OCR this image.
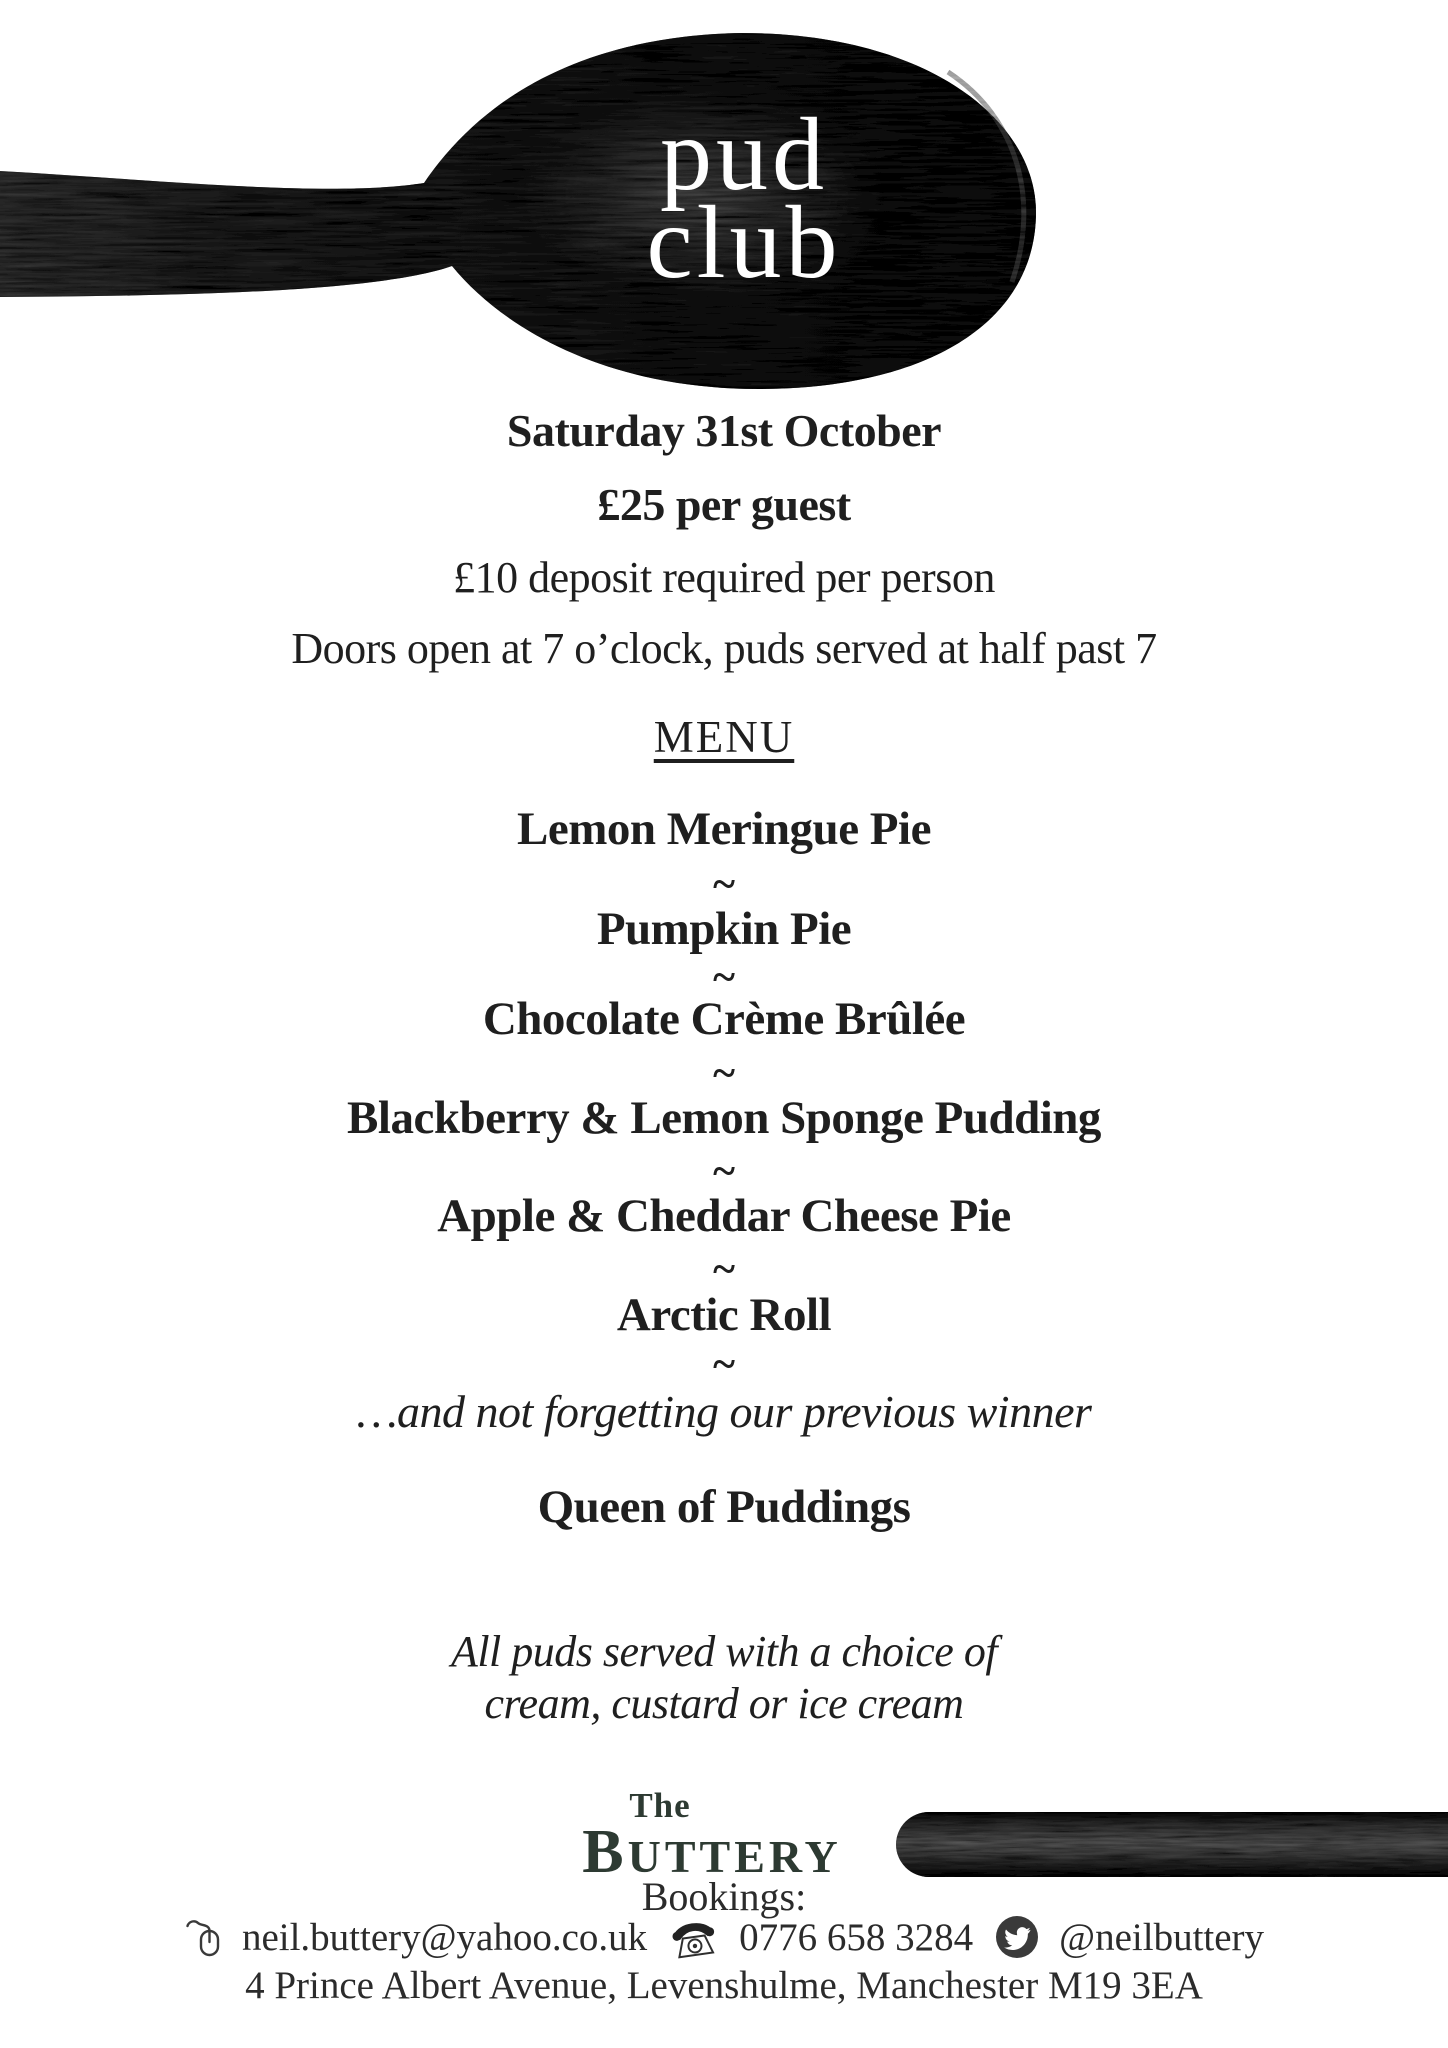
pud
club
Saturday 31st October
£25 per guest
£10 deposit required per person
Doors open at 7 o’clock, puds served at half past 7
MENU
Lemon Meringue Pie
~
Pumpkin Pie
~
Chocolate Crème Brûlée
~
Blackberry & Lemon Sponge Pudding
~
Apple & Cheddar Cheese Pie
~
Arctic Roll
~
…and not forgetting our previous winner
Queen of Puddings
All puds served with a choice of
cream, custard or ice cream
The
BUTTERY
Bookings:
neil.buttery@yahoo.co.uk 0776 658 3284 @neilbuttery
4 Prince Albert Avenue, Levenshulme, Manchester M19 3EA
